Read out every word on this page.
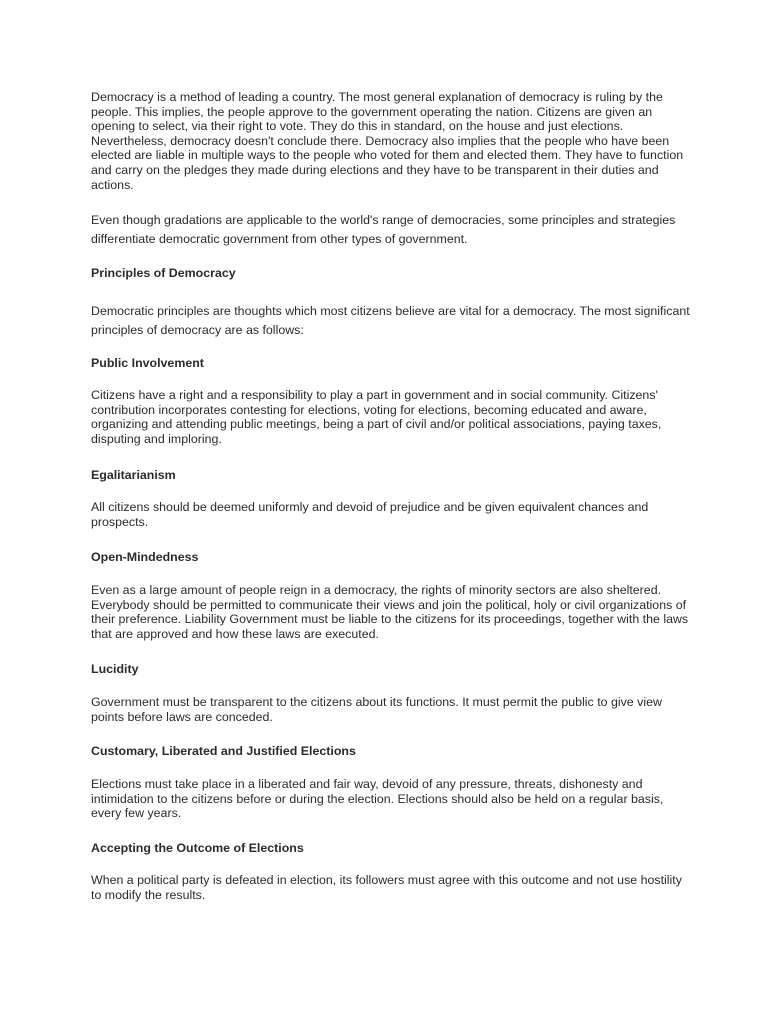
Democracy is a method of leading a country. The most general explanation of democracy is ruling by the people. This implies, the people approve to the government operating the nation. Citizens are given an opening to select, via their right to vote. They do this in standard, on the house and just elections. Nevertheless, democracy doesn't conclude there. Democracy also implies that the people who have been elected are liable in multiple ways to the people who voted for them and elected them. They have to function and carry on the pledges they made during elections and they have to be transparent in their duties and actions.

Even though gradations are applicable to the world's range of democracies, some principles and strategies differentiate democratic government from other types of government.

Principles of Democracy

Democratic principles are thoughts which most citizens believe are vital for a democracy. The most significant principles of democracy are as follows:

Public Involvement

Citizens have a right and a responsibility to play a part in government and in social community. Citizens' contribution incorporates contesting for elections, voting for elections, becoming educated and aware, organizing and attending public meetings, being a part of civil and/or political associations, paying taxes, disputing and imploring.

Egalitarianism

All citizens should be deemed uniformly and devoid of prejudice and be given equivalent chances and prospects.

Open-Mindedness

Even as a large amount of people reign in a democracy, the rights of minority sectors are also sheltered. Everybody should be permitted to communicate their views and join the political, holy or civil organizations of their preference. Liability Government must be liable to the citizens for its proceedings, together with the laws that are approved and how these laws are executed.

Lucidity

Government must be transparent to the citizens about its functions. It must permit the public to give view points before laws are conceded.

Customary, Liberated and Justified Elections

Elections must take place in a liberated and fair way, devoid of any pressure, threats, dishonesty and intimidation to the citizens before or during the election. Elections should also be held on a regular basis, every few years.

Accepting the Outcome of Elections

When a political party is defeated in election, its followers must agree with this outcome and not use hostility to modify the results.
